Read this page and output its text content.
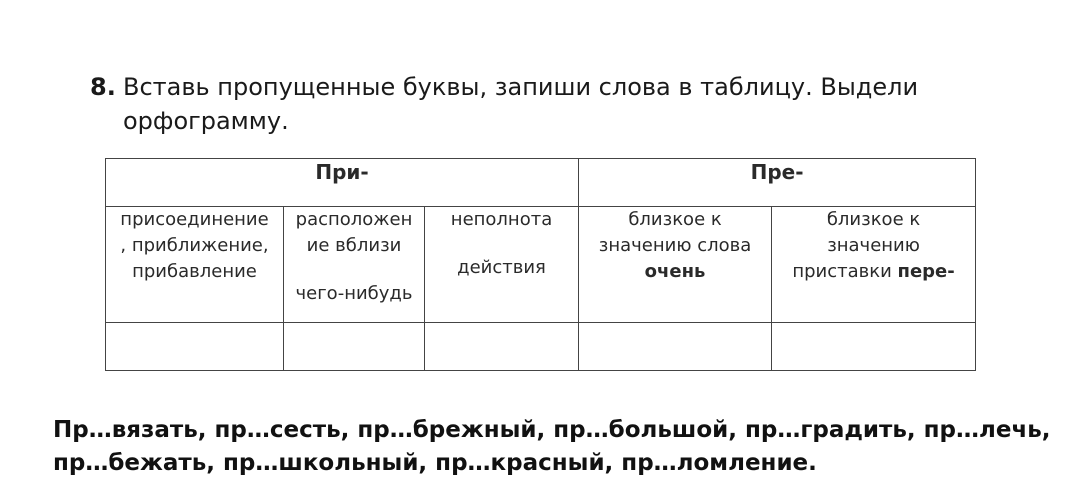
8. Вставь пропущенные буквы, запиши слова в таблицу. Выдели орфограмму.
При-			Пре-	

присоединение
, приближение,
прибавление	расположен
ие вблизи
чего-нибудь	неполнота
действия	близкое к
значению слова
очень	близкое к
значению
приставки пере-

Пр…вязать, пр…сесть, пр…брежный, пр…большой, пр…градить, пр…лечь,
пр…бежать, пр…школьный, пр…красный, пр…ломление.
